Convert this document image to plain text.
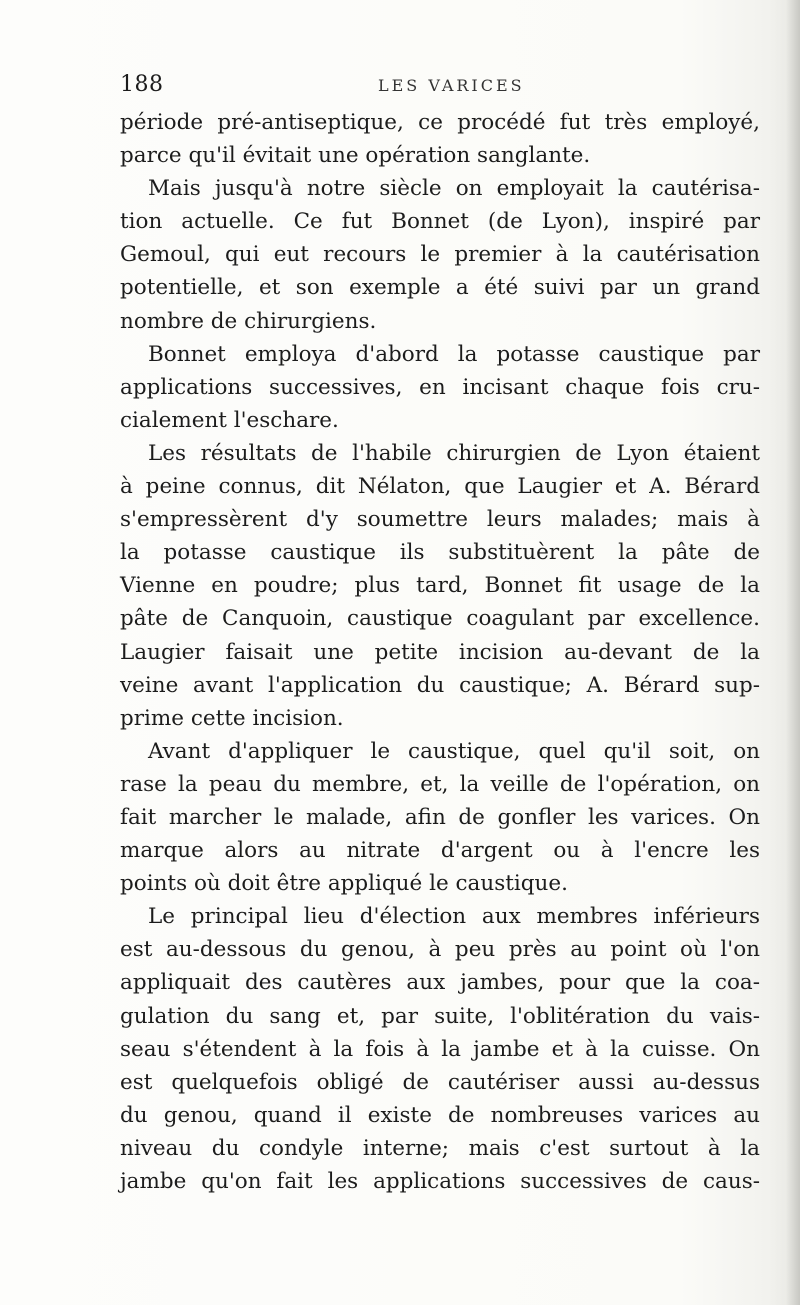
188	LES VARICES
période pré-antiseptique, ce procédé fut très employé,
parce qu'il évitait une opération sanglante.
Mais jusqu'à notre siècle on employait la cautérisa-
tion actuelle. Ce fut Bonnet (de Lyon), inspiré par
Gemoul, qui eut recours le premier à la cautérisation
potentielle, et son exemple a été suivi par un grand
nombre de chirurgiens.
Bonnet employa d'abord la potasse caustique par
applications successives, en incisant chaque fois cru-
cialement l'eschare.
Les résultats de l'habile chirurgien de Lyon étaient
à peine connus, dit Nélaton, que Laugier et A. Bérard
s'empressèrent d'y soumettre leurs malades; mais à
la potasse caustique ils substituèrent la pâte de
Vienne en poudre; plus tard, Bonnet fit usage de la
pâte de Canquoin, caustique coagulant par excellence.
Laugier faisait une petite incision au-devant de la
veine avant l'application du caustique; A. Bérard sup-
prime cette incision.
Avant d'appliquer le caustique, quel qu'il soit, on
rase la peau du membre, et, la veille de l'opération, on
fait marcher le malade, afin de gonfler les varices. On
marque alors au nitrate d'argent ou à l'encre les
points où doit être appliqué le caustique.
Le principal lieu d'élection aux membres inférieurs
est au-dessous du genou, à peu près au point où l'on
appliquait des cautères aux jambes, pour que la coa-
gulation du sang et, par suite, l'oblitération du vais-
seau s'étendent à la fois à la jambe et à la cuisse. On
est quelquefois obligé de cautériser aussi au-dessus
du genou, quand il existe de nombreuses varices au
niveau du condyle interne; mais c'est surtout à la
jambe qu'on fait les applications successives de caus-
